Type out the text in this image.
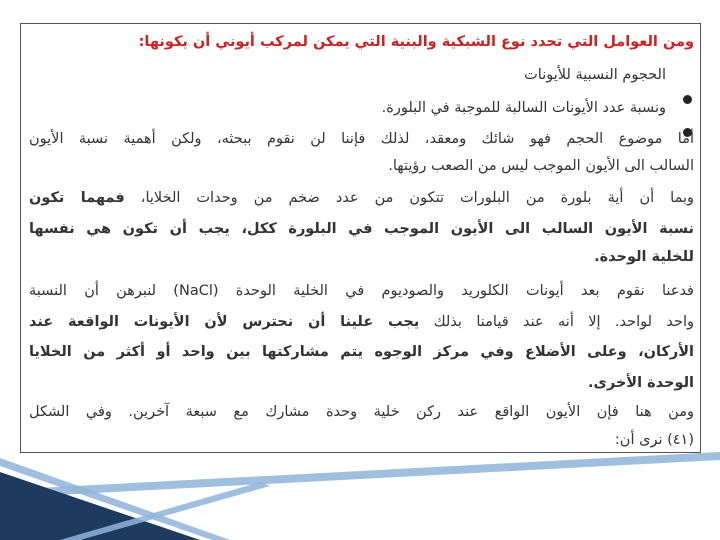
ومن العوامل التي تحدد نوع الشبكية والبنية التي يمكن لمركب أيوني أن يكونها:
الحجوم النسبية للأيونات
ونسبة عدد الأيونات السالبة للموجبة في البلورة.
أما موضوع الحجم فهو شائك ومعقد، لذلك فإننا لن نقوم ببحثه، ولكن أهمية نسبة الأيون
السالب الى الأيون الموجب ليس من الصعب رؤيتها.
وبما أن أية بلورة من البلورات تتكون من عدد ضخم من وحدات الخلايا، فمهما تكون
نسبة الأيون السالب الى الأيون الموجب في البلورة ككل، يجب أن تكون هي نفسها
للخلية الوحدة.
فدعنا نقوم بعد أيونات الكلوريد والصوديوم في الخلية الوحدة (NaCl) لنبرهن أن النسبة
واحد لواحد. إلا أنه عند قيامنا بذلك يجب علينا أن نحترس لأن الأيونات الواقعة عند
الأركان، وعلى الأضلاع وفي مركز الوجوه يتم مشاركتها بين واحد أو أكثر من الخلايا
الوحدة الأخرى.
ومن هنا فإن الأيون الواقع عند ركن خلية وحدة مشارك مع سبعة آخرين. وفي الشكل
(٤١) نرى أن:
